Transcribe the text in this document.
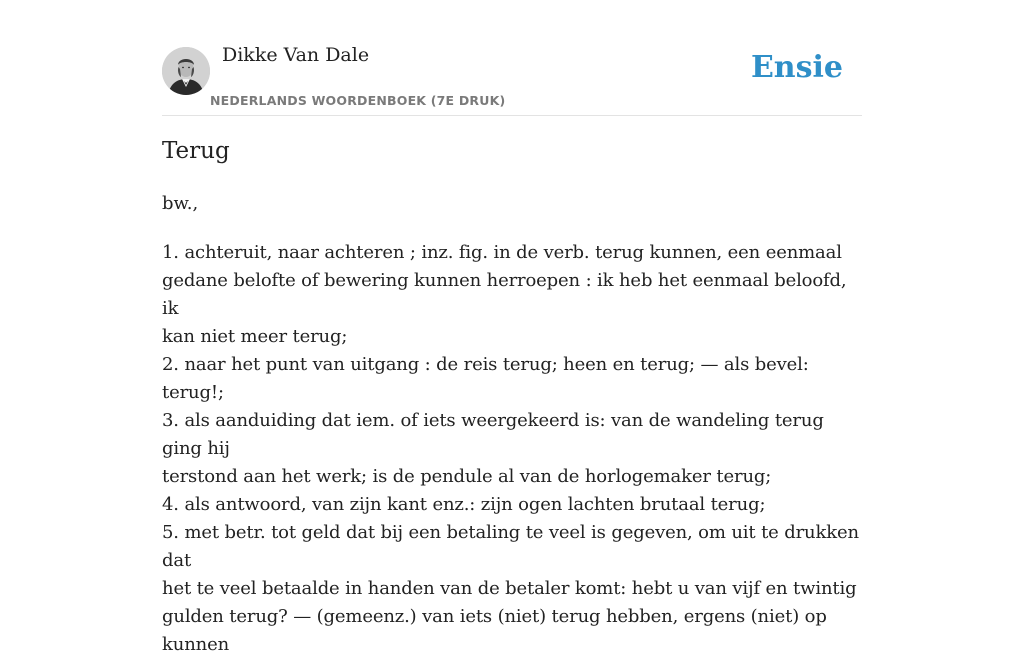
Dikke Van Dale
NEDERLANDS WOORDENBOEK (7E DRUK)
Ensie
Terug
bw.,
1. achteruit, naar achteren ; inz. fig. in de verb. terug kunnen, een eenmaal
gedane belofte of bewering kunnen herroepen : ik heb het eenmaal beloofd, ik
kan niet meer terug;
2. naar het punt van uitgang : de reis terug; heen en terug; — als bevel: terug!;
3. als aanduiding dat iem. of iets weergekeerd is: van de wandeling terug ging hij
terstond aan het werk; is de pendule al van de horlogemaker terug;
4. als antwoord, van zijn kant enz.: zijn ogen lachten brutaal terug;
5. met betr. tot geld dat bij een betaling te veel is gegeven, om uit te drukken dat
het te veel betaalde in handen van de betaler komt: hebt u van vijf en twintig
gulden terug? — (gemeenz.) van iets (niet) terug hebben, ergens (niet) op kunnen
